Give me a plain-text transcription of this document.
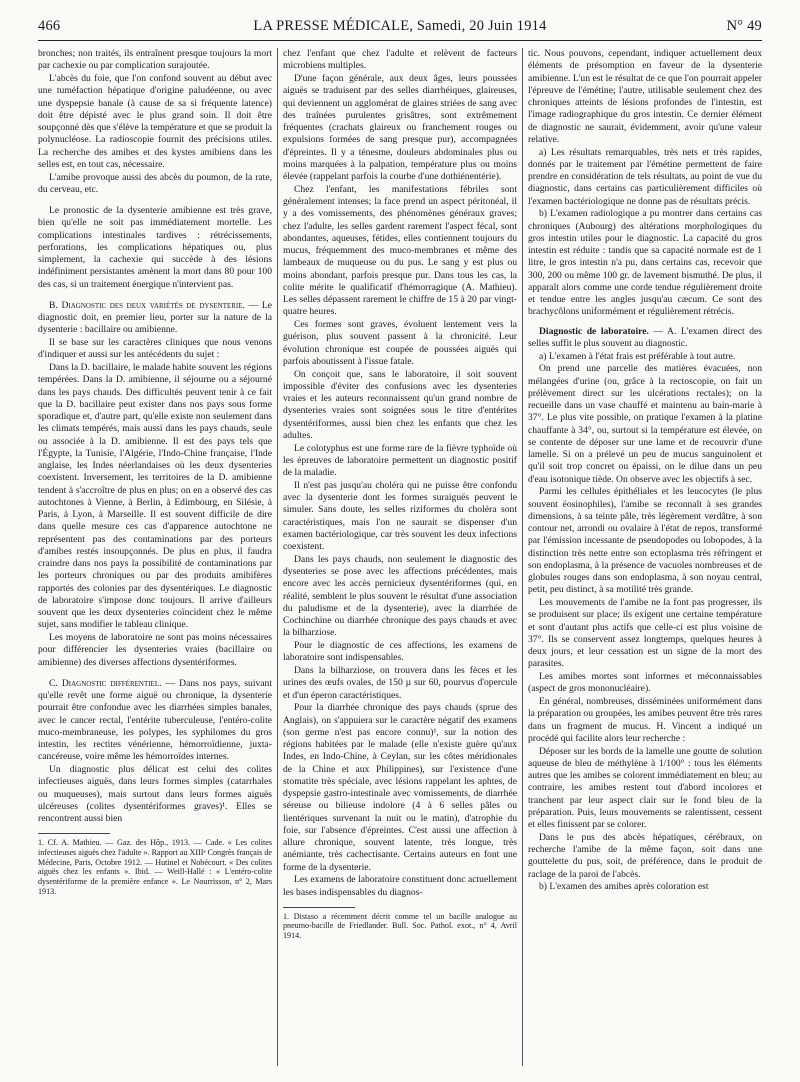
466	LA PRESSE MÉDICALE, Samedi, 20 Juin 1914	N° 49

bronches; non traités, ils entraînent presque toujours la mort par cachexie ou par complication surajoutée.

L'abcès du foie, que l'on confond souvent au début avec une tuméfaction hépatique d'origine paludéenne, ou avec une dyspepsie banale (à cause de sa si fréquente latence) doit être dépisté avec le plus grand soin. Il doit être soupçonné dès que s'élève la température et que se produit la polynucléose. La radioscopie fournit des précisions utiles. La recherche des amibes et des kystes amibiens dans les selles est, en tout cas, nécessaire.

L'amibe provoque aussi des abcès du poumon, de la rate, du cerveau, etc.

Le pronostic de la dysenterie amibienne est très grave, bien qu'elle ne soit pas immédiatement mortelle. Les complications intestinales tardives : rétrécissements, perforations, les complications hépatiques ou, plus simplement, la cachexie qui succède à des lésions indéfiniment persistantes amènent la mort dans 80 pour 100 des cas, si un traitement énergique n'intervient pas.

B. Diagnostic des deux variétés de dysenterie. — Le diagnostic doit, en premier lieu, porter sur la nature de la dysenterie : bacillaire ou amibienne.

Il se base sur les caractères cliniques que nous venons d'indiquer et aussi sur les antécédents du sujet :

Dans la D. bacillaire, le malade habite souvent les régions tempérées. Dans la D. amibienne, il séjourne ou a séjourné dans les pays chauds. Des difficultés peuvent tenir à ce fait que la D. bacillaire peut exister dans nos pays sous forme sporadique et, d'autre part, qu'elle existe non seulement dans les climats tempérés, mais aussi dans les pays chauds, seule ou associée à la D. amibienne. Il est des pays tels que l'Égypte, la Tunisie, l'Algérie, l'Indo-Chine française, l'Inde anglaise, les Indes néerlandaises où les deux dysenteries coexistent. Inversement, les territoires de la D. amibienne tendent à s'accroître de plus en plus; on en a observé des cas autochtones à Vienne, à Berlin, à Edimbourg, en Silésie, à Paris, à Lyon, à Marseille. Il est souvent difficile de dire dans quelle mesure ces cas d'apparence autochtone ne représentent pas des contaminations par des porteurs d'amibes restés insoupçonnés. De plus en plus, il faudra craindre dans nos pays la possibilité de contaminations par les porteurs chroniques ou par des produits amibifères rapportés des colonies par des dysentériques. Le diagnostic de laboratoire s'impose donc toujours. Il arrive d'ailleurs souvent que les deux dysenteries coïncident chez le même sujet, sans modifier le tableau clinique.

Les moyens de laboratoire ne sont pas moins nécessaires pour différencier les dysenteries vraies (bacillaire ou amibienne) des diverses affections dysentériformes.

C. Diagnostic différentiel. — Dans nos pays, suivant qu'elle revêt une forme aiguë ou chronique, la dysenterie pourrait être confondue avec les diarrhées simples banales, avec le cancer rectal, l'entérite tuberculeuse, l'entéro-colite muco-membraneuse, les polypes, les syphilomes du gros intestin, les rectites vénérienne, hémorroïdienne, juxta-cancéreuse, voire même les hémorroïdes internes.

Un diagnostic plus délicat est celui des colites infectieuses aiguës, dans leurs formes simples (catarrhales ou muqueuses), mais surtout dans leurs formes aiguës ulcéreuses (colites dysentériformes graves)¹. Elles se rencontrent aussi bien

1. Cf. A. Mathieu. — Gaz. des Hôp., 1913. — Cade. « Les colites infectieuses aiguës chez l'adulte ». Rapport au XIIIᵉ Congrès français de Médecine, Paris, Octobre 1912. — Hutinel et Nobécourt. « Des colites aiguës chez les enfants ». Ibid. — Weill-Hallé : « L'entéro-colite dysentériforme de la première enfance ». Le Nourrisson, n° 2, Mars 1913.

chez l'enfant que chez l'adulte et relèvent de facteurs microbiens multiples.

D'une façon générale, aux deux âges, leurs poussées aiguës se traduisent par des selles diarrhéiques, glaireuses, qui deviennent un agglomérat de glaires striées de sang avec des traînées purulentes grisâtres, sont extrêmement fréquentes (crachats glaireux ou franchement rouges ou expulsions formées de sang presque pur), accompagnées d'épreintes. Il y a ténesme, douleurs abdominales plus ou moins marquées à la palpation, température plus ou moins élevée (rappelant parfois la courbe d'une dothiénentérie).

Chez l'enfant, les manifestations fébriles sont généralement intenses; la face prend un aspect péritonéal, il y a des vomissements, des phénomènes généraux graves; chez l'adulte, les selles gardent rarement l'aspect fécal, sont abondantes, aqueuses, fétides, elles contiennent toujours du mucus, fréquemment des muco-membranes et même des lambeaux de muqueuse ou du pus. Le sang y est plus ou moins abondant, parfois presque pur. Dans tous les cas, la colite mérite le qualificatif d'hémorragique (A. Mathieu). Les selles dépassent rarement le chiffre de 15 à 20 par vingt-quatre heures.

Ces formes sont graves, évoluent lentement vers la guérison, plus souvent passent à la chronicité. Leur évolution chronique est coupée de poussées aiguës qui parfois aboutissent à l'issue fatale.

On conçoit que, sans le laboratoire, il soit souvent impossible d'éviter des confusions avec les dysenteries vraies et les auteurs reconnaissent qu'un grand nombre de dysenteries vraies sont soignées sous le titre d'entérites dysentériformes, aussi bien chez les enfants que chez les adultes.

Le colotyphus est une forme rare de la fièvre typhoïde où les épreuves de laboratoire permettent un diagnostic positif de la maladie.

Il n'est pas jusqu'au choléra qui ne puisse être confondu avec la dysenterie dont les formes suraiguës peuvent le simuler. Sans doute, les selles riziformes du choléra sont caractéristiques, mais l'on ne saurait se dispenser d'un examen bactériologique, car très souvent les deux infections coexistent.

Dans les pays chauds, non seulement le diagnostic des dysenteries se pose avec les affections précédentes, mais encore avec les accès pernicieux dysentériformes (qui, en réalité, semblent le plus souvent le résultat d'une association du paludisme et de la dysenterie), avec la diarrhée de Cochinchine ou diarrhée chronique des pays chauds et avec la bilharziose.

Pour le diagnostic de ces affections, les examens de laboratoire sont indispensables.

Dans la bilharziose, on trouvera dans les fèces et les urines des œufs ovales, de 150 µ sur 60, pourvus d'opercule et d'un éperon caractéristiques.

Pour la diarrhée chronique des pays chauds (sprue des Anglais), on s'appuiera sur le caractère négatif des examens (son germe n'est pas encore connu)¹, sur la notion des régions habitées par le malade (elle n'existe guère qu'aux Indes, en Indo-Chine, à Ceylan, sur les côtes méridionales de la Chine et aux Philippines), sur l'existence d'une stomatite très spéciale, avec lésions rappelant les aphtes, de dyspepsie gastro-intestinale avec vomissements, de diarrhée séreuse ou bilieuse indolore (4 à 6 selles pâles ou lientériques survenant la nuit ou le matin), d'atrophie du foie, sur l'absence d'épreintes. C'est aussi une affection à allure chronique, souvent latente, très longue, très anémiante, très cachectisante. Certains auteurs en font une forme de la dysenterie.

Les examens de laboratoire constituent donc actuellement les bases indispensables du diagnos-

1. Distaso a récemment décrit comme tel un bacille analogue au pneumo-bacille de Friedlander. Bull. Soc. Pathol. exot., n° 4, Avril 1914.

tic. Nous pouvons, cependant, indiquer actuellement deux éléments de présomption en faveur de la dysenterie amibienne. L'un est le résultat de ce que l'on pourrait appeler l'épreuve de l'émétine; l'autre, utilisable seulement chez des chroniques atteints de lésions profondes de l'intestin, est l'image radiographique du gros intestin. Ce dernier élément de diagnostic ne saurait, évidemment, avoir qu'une valeur relative.

a) Les résultats remarquables, très nets et très rapides, donnés par le traitement par l'émétine permettent de faire prendre en considération de tels résultats, au point de vue du diagnostic, dans certains cas particulièrement difficiles où l'examen bactériologique ne donne pas de résultats précis.

b) L'examen radiologique a pu montrer dans certains cas chroniques (Aubourg) des altérations morphologiques du gros intestin utiles pour le diagnostic. La capacité du gros intestin est réduite : tandis que sa capacité normale est de 1 litre, le gros intestin n'a pu, dans certains cas, recevoir que 300, 200 ou même 100 gr. de lavement bismuthé. De plus, il apparaît alors comme une corde tendue régulièrement droite et tendue entre les angles jusqu'au cæcum. Ce sont des brachycôlons uniformément et régulièrement rétrécis.

Diagnostic de laboratoire. — A. L'examen direct des selles suffit le plus souvent au diagnostic.

a) L'examen à l'état frais est préférable à tout autre.

On prend une parcelle des matières évacuées, non mélangées d'urine (ou, grâce à la rectoscopie, on fait un prélèvement direct sur les ulcérations rectales); on la recueille dans un vase chauffé et maintenu au bain-marie à 37°. Le plus vite possible, on pratique l'examen à la platine chauffante à 34°, ou, surtout si la température est élevée, on se contente de déposer sur une lame et de recouvrir d'une lamelle. Si on a prélevé un peu de mucus sanguinolent et qu'il soit trop concret ou épaissi, on le dilue dans un peu d'eau isotonique tiède. On observe avec les objectifs à sec.

Parmi les cellules épithéliales et les leucocytes (le plus souvent éosinophiles), l'amibe se reconnaît à ses grandes dimensions, à sa teinte pâle, très légèrement verdâtre, à son contour net, arrondi ou ovalaire à l'état de repos, transformé par l'émission incessante de pseudopodes ou lobopodes, à la distinction très nette entre son ectoplasma très réfringent et son endoplasma, à la présence de vacuoles nombreuses et de globules rouges dans son endoplasma, à son noyau central, petit, peu distinct, à sa motilité très grande.

Les mouvements de l'amibe ne la font pas progresser, ils se produisent sur place; ils exigent une certaine température et sont d'autant plus actifs que celle-ci est plus voisine de 37°. Ils se conservent assez longtemps, quelques heures à deux jours, et leur cessation est un signe de la mort des parasites.

Les amibes mortes sont informes et méconnaissables (aspect de gros mononucléaire).

En général, nombreuses, disséminées uniformément dans la préparation ou groupées, les amibes peuvent être très rares dans un fragment de mucus. H. Vincent a indiqué un procédé qui facilite alors leur recherche :

Déposer sur les bords de la lamelle une goutte de solution aqueuse de bleu de méthylène à 1/100° : tous les éléments autres que les amibes se colorent immédiatement en bleu; au contraire, les amibes restent tout d'abord incolores et tranchent par leur aspect clair sur le fond bleu de la préparation. Puis, leurs mouvements se ralentissent, cessent et elles finissent par se colorer.

Dans le pus des abcès hépatiques, cérébraux, on recherche l'amibe de la même façon, soit dans une gouttelette du pus, soit, de préférence, dans le produit de raclage de la paroi de l'abcès.

b) L'examen des amibes après coloration est
